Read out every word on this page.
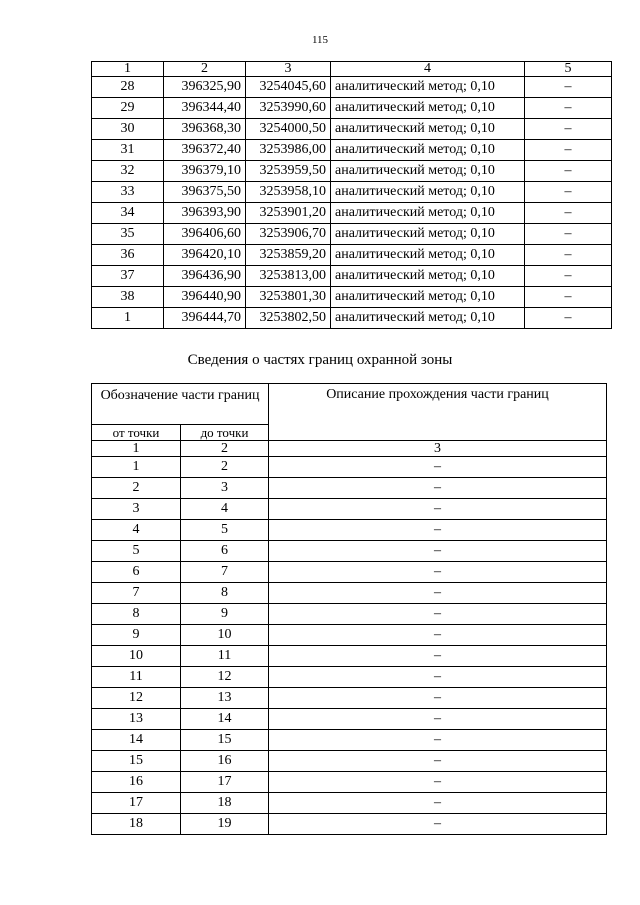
115
1	2	3	4	5
28	396325,90	3254045,60	аналитический метод; 0,10	–
29	396344,40	3253990,60	аналитический метод; 0,10	–
30	396368,30	3254000,50	аналитический метод; 0,10	–
31	396372,40	3253986,00	аналитический метод; 0,10	–
32	396379,10	3253959,50	аналитический метод; 0,10	–
33	396375,50	3253958,10	аналитический метод; 0,10	–
34	396393,90	3253901,20	аналитический метод; 0,10	–
35	396406,60	3253906,70	аналитический метод; 0,10	–
36	396420,10	3253859,20	аналитический метод; 0,10	–
37	396436,90	3253813,00	аналитический метод; 0,10	–
38	396440,90	3253801,30	аналитический метод; 0,10	–
1	396444,70	3253802,50	аналитический метод; 0,10	–
Сведения о частях границ охранной зоны
Обозначение части границ		Описание прохождения части границ
от точки	до точки	
1	2	3
1	2	–
2	3	–
3	4	–
4	5	–
5	6	–
6	7	–
7	8	–
8	9	–
9	10	–
10	11	–
11	12	–
12	13	–
13	14	–
14	15	–
15	16	–
16	17	–
17	18	–
18	19	–
